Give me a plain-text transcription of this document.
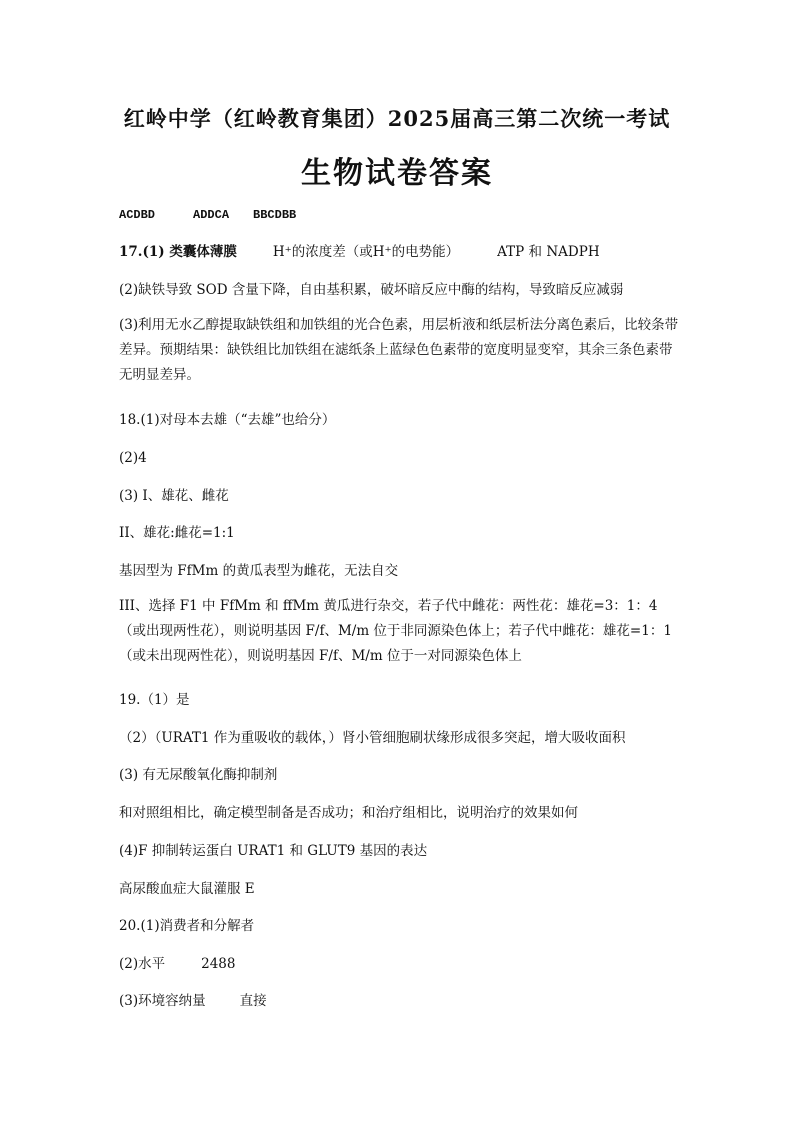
红岭中学（红岭教育集团）2025届高三第二次统一考试
生物试卷答案
ACDBD	ADDCA BBCDBB
17.(1) 类囊体薄膜	H⁺的浓度差（或H⁺的电势能）	ATP 和 NADPH
(2)缺铁导致 SOD 含量下降，自由基积累，破坏暗反应中酶的结构，导致暗反应减弱
(3)利用无水乙醇提取缺铁组和加铁组的光合色素，用层析液和纸层析法分离色素后，比较条带差异。预期结果：缺铁组比加铁组在滤纸条上蓝绿色色素带的宽度明显变窄，其余三条色素带无明显差异。
18.(1)对母本去雄（“去雄”也给分）
(2)4
(3) I、雄花、雌花
II、雄花:雌花=1:1
基因型为 FfMm 的黄瓜表型为雌花，无法自交
III、选择 F1 中 FfMm 和 ffMm 黄瓜进行杂交，若子代中雌花：两性花：雄花=3：1：4（或出现两性花），则说明基因 F/f、M/m 位于非同源染色体上；若子代中雌花：雄花=1：1（或未出现两性花），则说明基因 F/f、M/m 位于一对同源染色体上
19.（1）是
（2）（URAT1 作为重吸收的载体，）肾小管细胞刷状缘形成很多突起，增大吸收面积
(3) 有无尿酸氧化酶抑制剂
和对照组相比，确定模型制备是否成功；和治疗组相比，说明治疗的效果如何
(4)F 抑制转运蛋白 URAT1 和 GLUT9 基因的表达
高尿酸血症大鼠灌服 E
20.(1)消费者和分解者
(2)水平	2488
(3)环境容纳量	直接
